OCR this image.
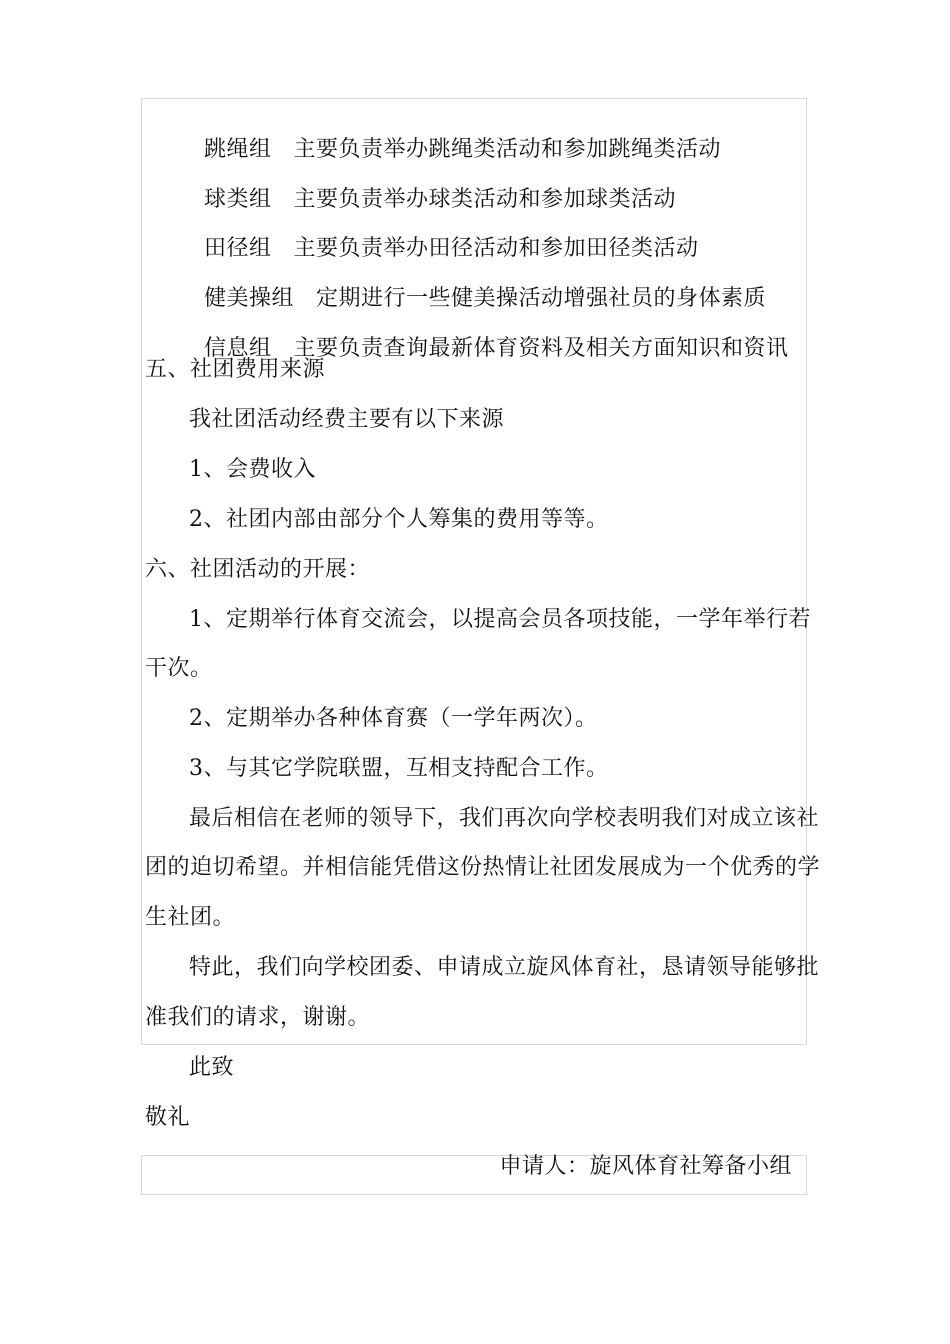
跳绳组 主要负责举办跳绳类活动和参加跳绳类活动

球类组 主要负责举办球类活动和参加球类活动

田径组 主要负责举办田径活动和参加田径类活动

健美操组 定期进行一些健美操活动增强社员的身体素质

信息组 主要负责查询最新体育资料及相关方面知识和资讯

五、社团费用来源
我社团活动经费主要有以下来源
1、会费收入
2、社团内部由部分个人筹集的费用等等。
六、社团活动的开展：
1、定期举行体育交流会，以提高会员各项技能，一学年举行若
干次。
2、定期举办各种体育赛（一学年两次）。
3、与其它学院联盟，互相支持配合工作。
最后相信在老师的领导下，我们再次向学校表明我们对成立该社
团的迫切希望。并相信能凭借这份热情让社团发展成为一个优秀的学
生社团。
特此，我们向学校团委、申请成立旋风体育社，恳请领导能够批
准我们的请求，谢谢。
此致
敬礼
申请人：旋风体育社筹备小组
